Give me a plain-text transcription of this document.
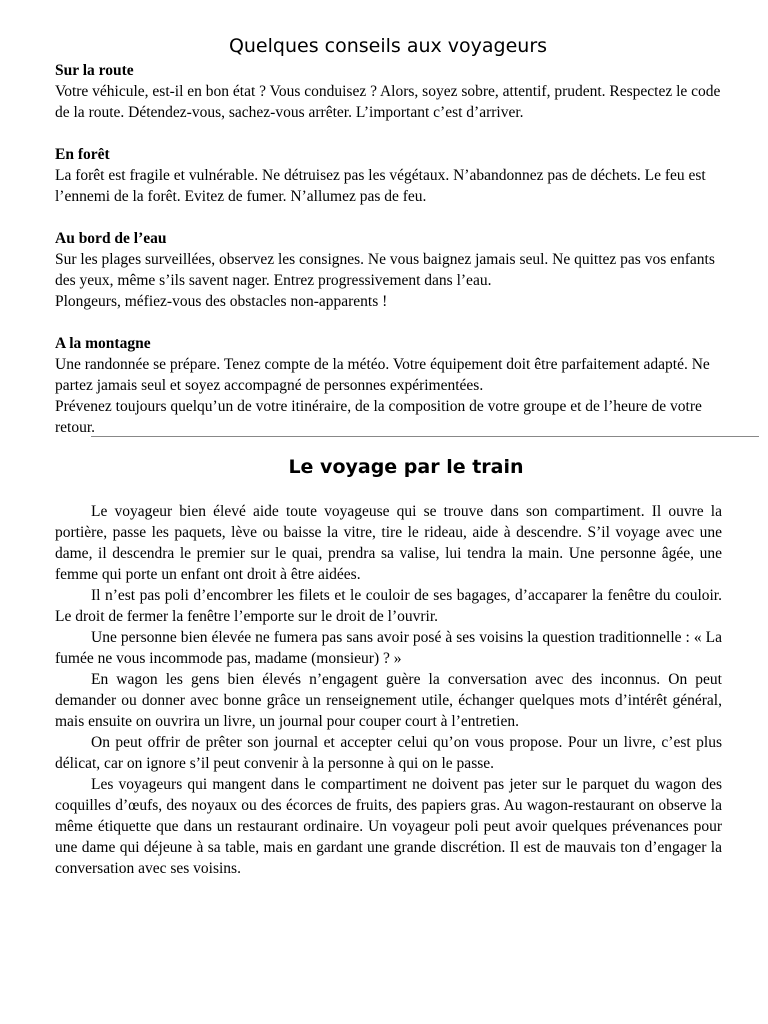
Quelques conseils aux voyageurs
Sur la route

Votre véhicule, est-il en bon état ? Vous conduisez ? Alors, soyez sobre, attentif, prudent. Respectez le code de la route. Détendez-vous, sachez-vous arrêter. L’important c’est d’arriver.

En forêt

La forêt est fragile et vulnérable. Ne détruisez pas les végétaux. N’abandonnez pas de déchets. Le feu est l’ennemi de la forêt. Evitez de fumer. N’allumez pas de feu.

Au bord de l’eau

Sur les plages surveillées, observez les consignes. Ne vous baignez jamais seul. Ne quittez pas vos enfants des yeux, même s’ils savent nager. Entrez progressivement dans l’eau.

Plongeurs, méfiez-vous des obstacles non-apparents !

A la montagne

Une randonnée se prépare. Tenez compte de la météo. Votre équipement doit être parfaitement adapté. Ne partez jamais seul et soyez accompagné de personnes expérimentées.

Prévenez toujours quelqu’un de votre itinéraire, de la composition de votre groupe et de l’heure de votre retour.

Le voyage par le train

Le voyageur bien élevé aide toute voyageuse qui se trouve dans son compartiment. Il ouvre la portière, passe les paquets, lève ou baisse la vitre, tire le rideau, aide à descendre. S’il voyage avec une dame, il descendra le premier sur le quai, prendra sa valise, lui tendra la main. Une personne âgée, une femme qui porte un enfant ont droit à être aidées.

Il n’est pas poli d’encombrer les filets et le couloir de ses bagages, d’accaparer la fenêtre du couloir. Le droit de fermer la fenêtre l’emporte sur le droit de l’ouvrir.

Une personne bien élevée ne fumera pas sans avoir posé à ses voisins la question traditionnelle : « La fumée ne vous incommode pas, madame (monsieur) ? »

En wagon les gens bien élevés n’engagent guère la conversation avec des inconnus. On peut demander ou donner avec bonne grâce un renseignement utile, échanger quelques mots d’intérêt général, mais ensuite on ouvrira un livre, un journal pour couper court à l’entretien.

On peut offrir de prêter son journal et accepter celui qu’on vous propose. Pour un livre, c’est plus délicat, car on ignore s’il peut convenir à la personne à qui on le passe.

Les voyageurs qui mangent dans le compartiment ne doivent pas jeter sur le parquet du wagon des coquilles d’œufs, des noyaux ou des écorces de fruits, des papiers gras. Au wagon-restaurant on observe la même étiquette que dans un restaurant ordinaire. Un voyageur poli peut avoir quelques prévenances pour une dame qui déjeune à sa table, mais en gardant une grande discrétion. Il est de mauvais ton d’engager la conversation avec ses voisins.
